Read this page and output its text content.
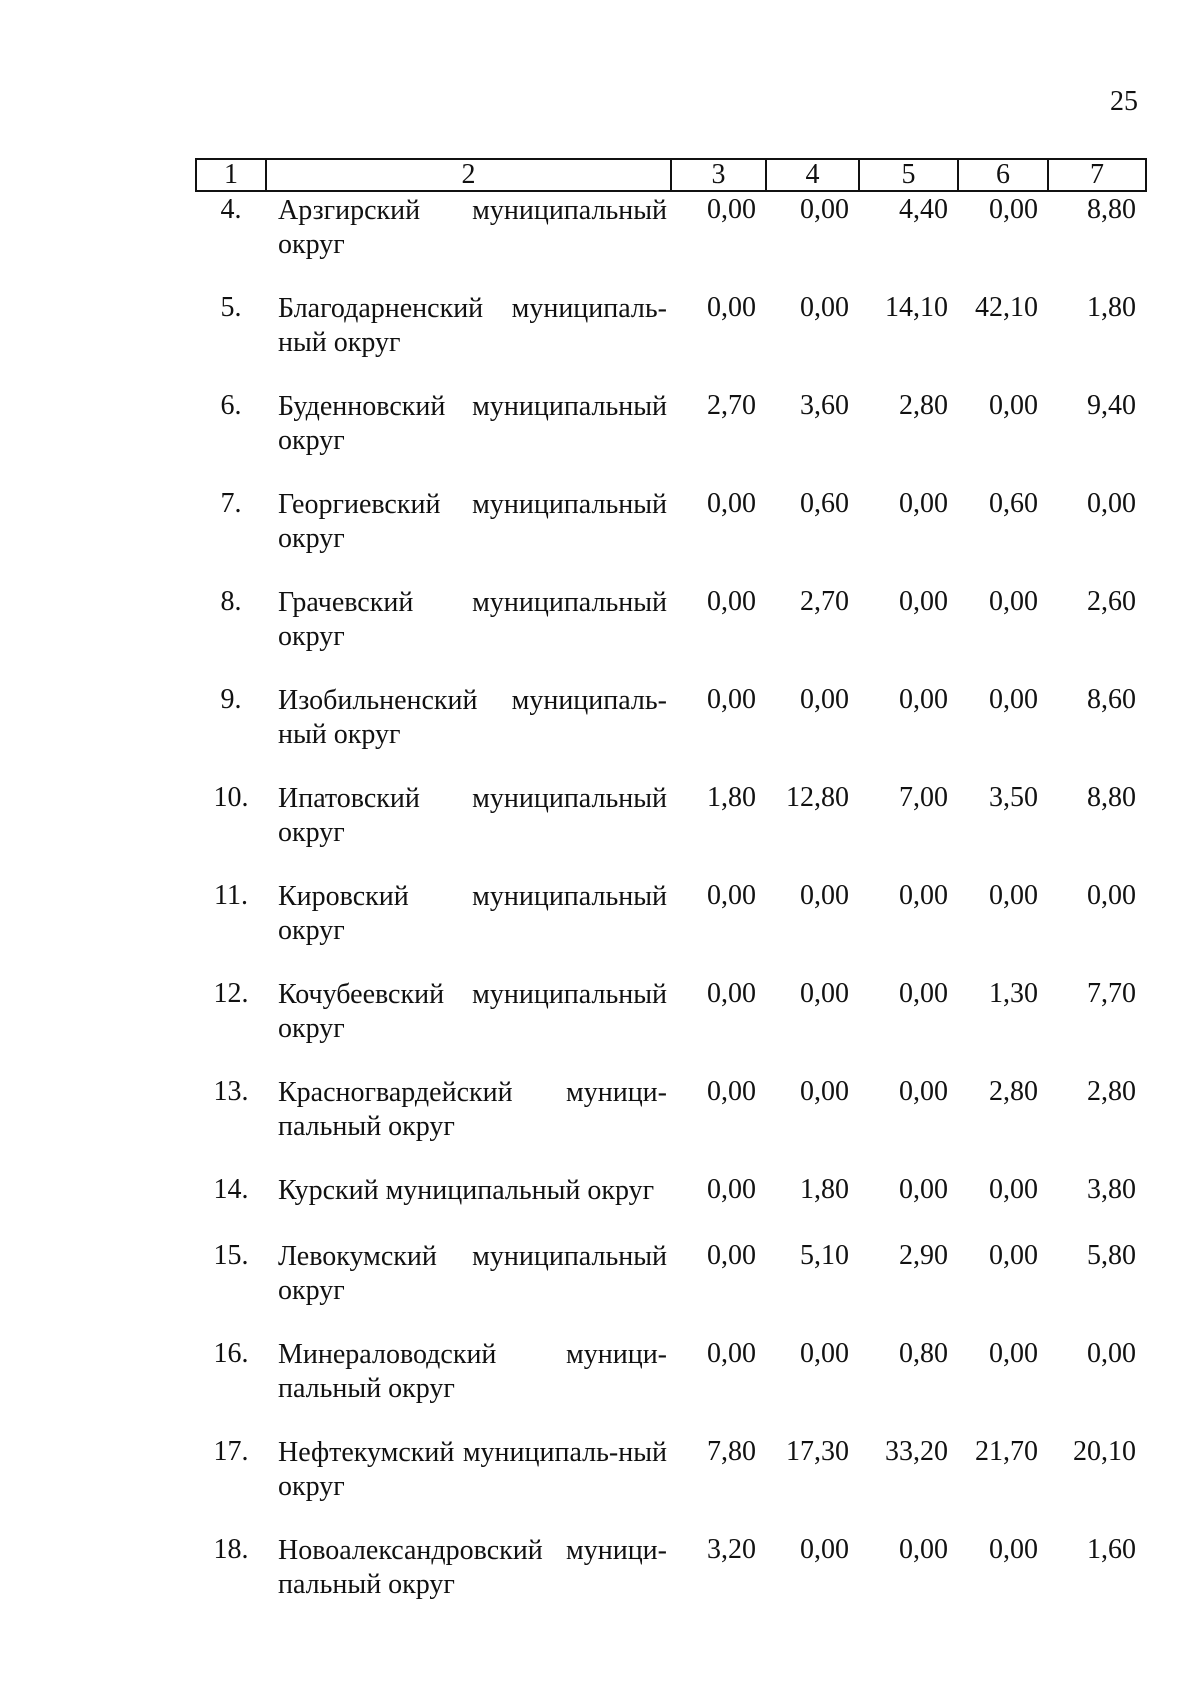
25
1	2	3	4	5	6	7
4.	Арзгирский муниципальный округ	0,00	0,00	4,40	0,00	8,80
5.	Благодарненский муниципаль-ный округ	0,00	0,00	14,10	42,10	1,80
6.	Буденновский муниципальный округ	2,70	3,60	2,80	0,00	9,40
7.	Георгиевский муниципальный округ	0,00	0,60	0,00	0,60	0,00
8.	Грачевский муниципальный округ	0,00	2,70	0,00	0,00	2,60
9.	Изобильненский муниципаль-ный округ	0,00	0,00	0,00	0,00	8,60
10.	Ипатовский муниципальный округ	1,80	12,80	7,00	3,50	8,80
11.	Кировский муниципальный округ	0,00	0,00	0,00	0,00	0,00
12.	Кочубеевский муниципальный округ	0,00	0,00	0,00	1,30	7,70
13.	Красногвардейский муници-пальный округ	0,00	0,00	0,00	2,80	2,80
14.	Курский муниципальный округ	0,00	1,80	0,00	0,00	3,80
15.	Левокумский муниципальный округ	0,00	5,10	2,90	0,00	5,80
16.	Минераловодский муници-пальный округ	0,00	0,00	0,80	0,00	0,00
17.	Нефтекумский муниципаль-ный округ	7,80	17,30	33,20	21,70	20,10
18.	Новоалександровский муници-пальный округ	3,20	0,00	0,00	0,00	1,60
